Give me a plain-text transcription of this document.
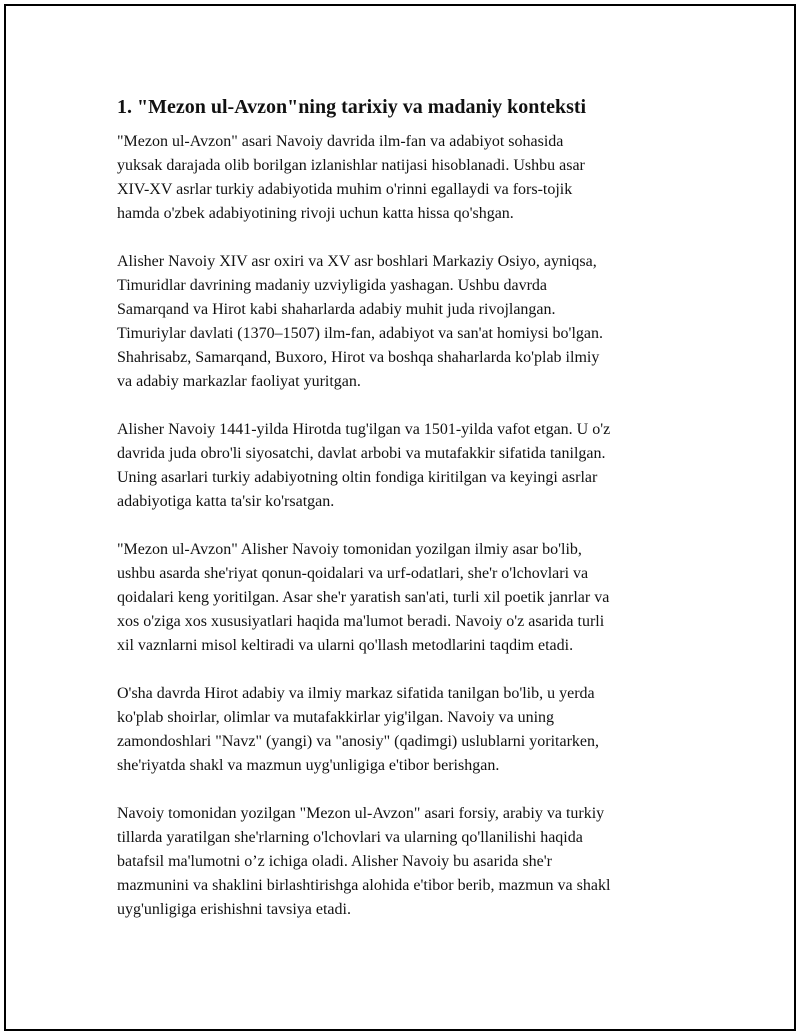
1. "Mezon ul-Avzon"ning tarixiy va madaniy konteksti

"Mezon ul-Avzon" asari Navoiy davrida ilm-fan va adabiyot sohasida
yuksak darajada olib borilgan izlanishlar natijasi hisoblanadi. Ushbu asar
XIV-XV asrlar turkiy adabiyotida muhim o'rinni egallaydi va fors-tojik
hamda o'zbek adabiyotining rivoji uchun katta hissa qo'shgan.

Alisher Navoiy XIV asr oxiri va XV asr boshlari Markaziy Osiyo, ayniqsa,
Timuridlar davrining madaniy uzviyligida yashagan. Ushbu davrda
Samarqand va Hirot kabi shaharlarda adabiy muhit juda rivojlangan.
Timuriylar davlati (1370–1507) ilm-fan, adabiyot va san'at homiysi bo'lgan.
Shahrisabz, Samarqand, Buxoro, Hirot va boshqa shaharlarda ko'plab ilmiy
va adabiy markazlar faoliyat yuritgan.

Alisher Navoiy 1441-yilda Hirotda tug'ilgan va 1501-yilda vafot etgan. U o'z
davrida juda obro'li siyosatchi, davlat arbobi va mutafakkir sifatida tanilgan.
Uning asarlari turkiy adabiyotning oltin fondiga kiritilgan va keyingi asrlar
adabiyotiga katta ta'sir ko'rsatgan.

"Mezon ul-Avzon" Alisher Navoiy tomonidan yozilgan ilmiy asar bo'lib,
ushbu asarda she'riyat qonun-qoidalari va urf-odatlari, she'r o'lchovlari va
qoidalari keng yoritilgan. Asar she'r yaratish san'ati, turli xil poetik janrlar va
xos o'ziga xos xususiyatlari haqida ma'lumot beradi. Navoiy o'z asarida turli
xil vaznlarni misol keltiradi va ularni qo'llash metodlarini taqdim etadi.

O'sha davrda Hirot adabiy va ilmiy markaz sifatida tanilgan bo'lib, u yerda
ko'plab shoirlar, olimlar va mutafakkirlar yig'ilgan. Navoiy va uning
zamondoshlari "Navz" (yangi) va "anosiy" (qadimgi) uslublarni yoritarken,
she'riyatda shakl va mazmun uyg'unligiga e'tibor berishgan.

Navoiy tomonidan yozilgan "Mezon ul-Avzon" asari forsiy, arabiy va turkiy
tillarda yaratilgan she'rlarning o'lchovlari va ularning qo'llanilishi haqida
batafsil ma'lumotni o’z ichiga oladi. Alisher Navoiy bu asarida she'r
mazmunini va shaklini birlashtirishga alohida e'tibor berib, mazmun va shakl
uyg'unligiga erishishni tavsiya etadi.
